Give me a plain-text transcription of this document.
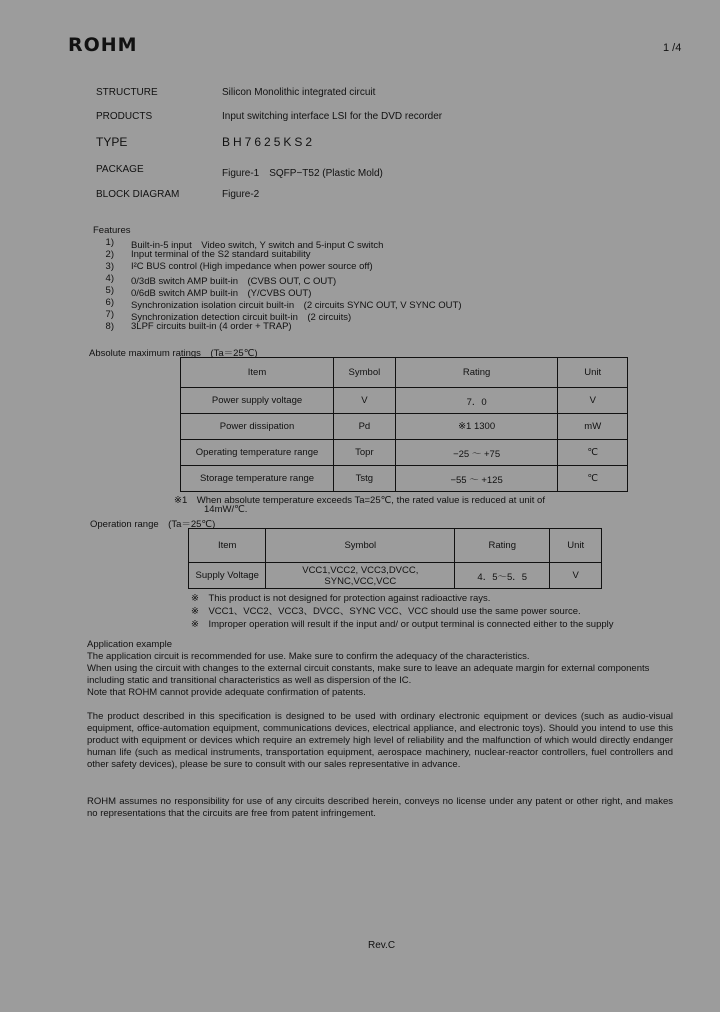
ROHM	1 /4
STRUCTURE	Silicon Monolithic integrated circuit
PRODUCTS	Input switching interface LSI for the DVD recorder
TYPE	BH7625KS2
PACKAGE	Figure-1　SQFP−T52 (Plastic Mold)
BLOCK DIAGRAM	Figure-2
Features
1) Built-in-5 input　Video switch, Y switch and 5-input C switch
2) Input terminal of the S2 standard suitability
3) I²C BUS control (High impedance when power source off)
4) 0/3dB switch AMP built-in　(CVBS OUT, C OUT)
5) 0/6dB switch AMP built-in　(Y/CVBS OUT)
6) Synchronization isolation circuit built-in　(2 circuits SYNC OUT, V SYNC OUT)
7) Synchronization detection circuit built-in　(2 circuits)
8) 3LPF circuits built-in (4 order + TRAP)
Absolute maximum ratings　(Ta＝25℃)
Item	Symbol	Rating	Unit
Power supply voltage	V	7．0	V
Power dissipation	Pd	※1 1300	mW
Operating temperature range	Topr	−25 ～ +75	℃
Storage temperature range	Tstg	−55 ～ +125	℃
※1　When absolute temperature exceeds Ta=25℃, the rated value is reduced at unit of
14mW/℃.
Operation range　(Ta＝25℃)
Item	Symbol	Rating	Unit
Supply Voltage	VCC1,VCC2, VCC3,DVCC,
SYNC,VCC,VCC	4．5～5．5	V
※　This product is not designed for protection against radioactive rays.
※　VCC1、VCC2、VCC3、DVCC、SYNC VCC、VCC should use the same power source.
※　Improper operation will result if the input and/ or output terminal is connected either to the supply
Application example
The application circuit is recommended for use. Make sure to confirm the adequacy of the characteristics.
When using the circuit with changes to the external circuit constants, make sure to leave an adequate margin for external components
including static and transitional characteristics as well as dispersion of the IC.
Note that ROHM cannot provide adequate confirmation of patents.
The product described in this specification is designed to be used with ordinary electronic equipment or devices (such as audio-visual equipment, office-automation equipment, communications devices, electrical appliance, and electronic toys). Should you intend to use this product with equipment or devices which require an extremely high level of reliability and the malfunction of which would directly endanger human life (such as medical instruments, transportation equipment, aerospace machinery, nuclear-reactor controllers, fuel controllers and other safety devices), please be sure to consult with our sales representative in advance.
ROHM assumes no responsibility for use of any circuits described herein, conveys no license under any patent or other right, and makes no representations that the circuits are free from patent infringement.
Rev.C
